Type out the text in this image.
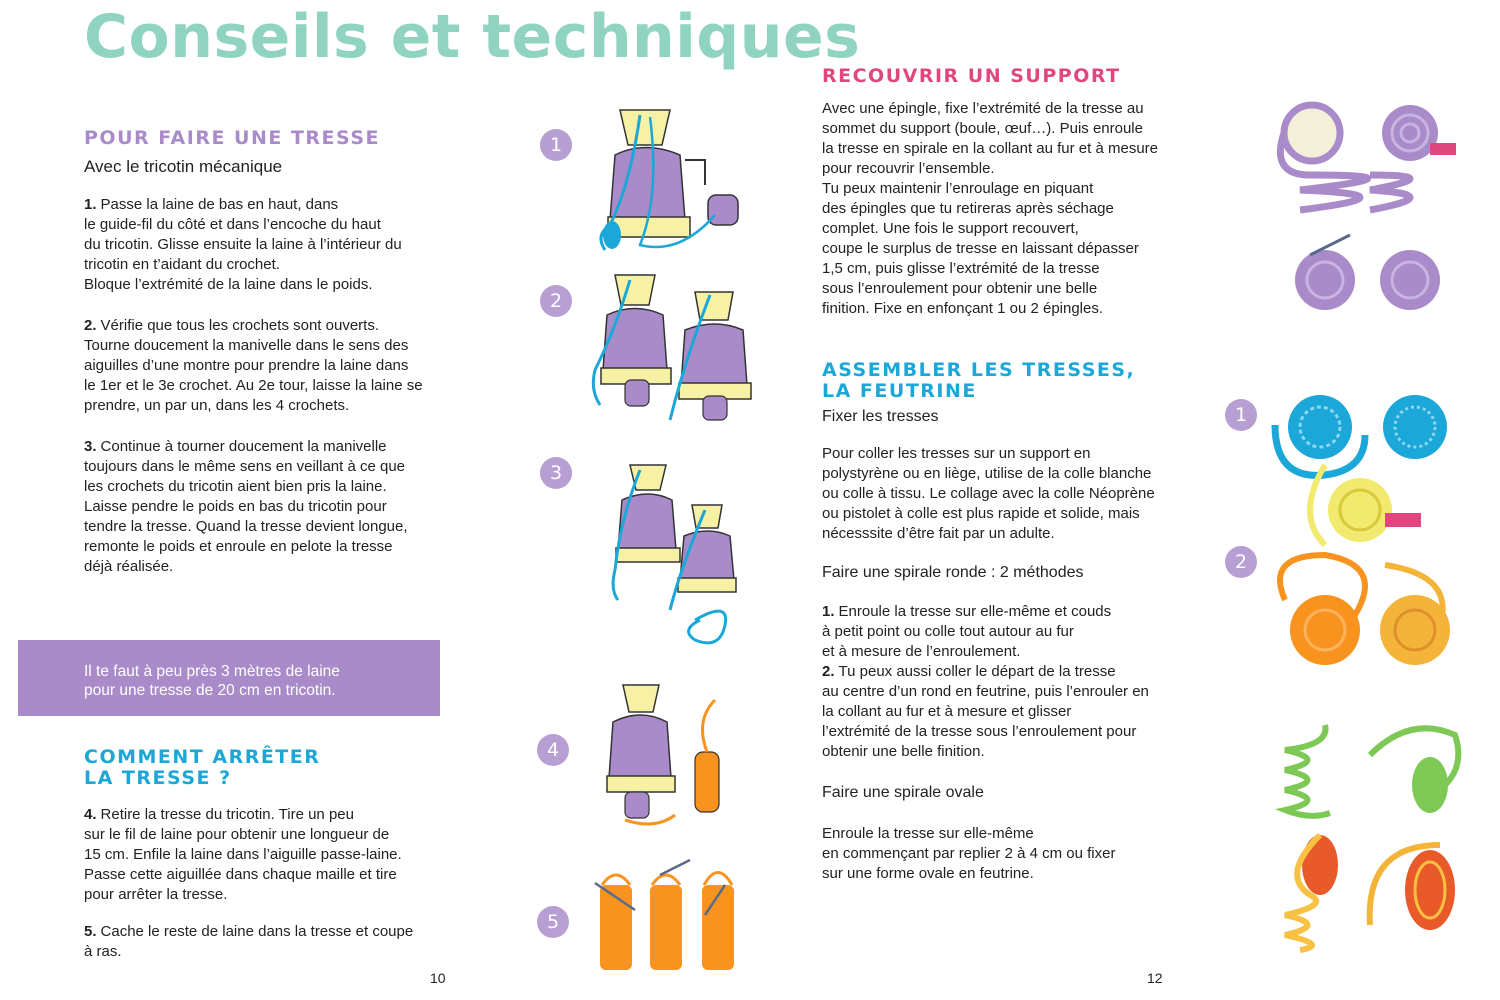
Conseils et techniques
POUR FAIRE UNE TRESSE

Avec le tricotin mécanique

1. Passe la laine de bas en haut, dans
le guide-fil du côté et dans l’encoche du haut
du tricotin. Glisse ensuite la laine à l’intérieur du
tricotin en t’aidant du crochet.
Bloque l’extrémité de la laine dans le poids.
2. Vérifie que tous les crochets sont ouverts.
Tourne doucement la manivelle dans le sens des
aiguilles d’une montre pour prendre la laine dans
le 1er et le 3e crochet. Au 2e tour, laisse la laine se
prendre, un par un, dans les 4 crochets.
3. Continue à tourner doucement la manivelle
toujours dans le même sens en veillant à ce que
les crochets du tricotin aient bien pris la laine.
Laisse pendre le poids en bas du tricotin pour
tendre la tresse. Quand la tresse devient longue,
remonte le poids et enroule en pelote la tresse
déjà réalisée.
Il te faut à peu près 3 mètres de laine
pour une tresse de 20 cm en tricotin.
COMMENT ARRÊTER
LA TRESSE ?
4. Retire la tresse du tricotin. Tire un peu
sur le fil de laine pour obtenir une longueur de
15 cm. Enfile la laine dans l’aiguille passe-laine.
Passe cette aiguillée dans chaque maille et tire
pour arrêter la tresse.
5. Cache le reste de laine dans la tresse et coupe
à ras.
10
1
2
3
4
5
RECOUVRIR UN SUPPORT
Avec une épingle, fixe l’extrémité de la tresse au
sommet du support (boule, œuf…). Puis enroule
la tresse en spirale en la collant au fur et à mesure
pour recouvrir l’ensemble.
Tu peux maintenir l’enroulage en piquant
des épingles que tu retireras après séchage
complet. Une fois le support recouvert,
coupe le surplus de tresse en laissant dépasser
1,5 cm, puis glisse l’extrémité de la tresse
sous l’enroulement pour obtenir une belle
finition. Fixe en enfonçant 1 ou 2 épingles.
ASSEMBLER LES TRESSES,
LA FEUTRINE

Fixer les tresses

Pour coller les tresses sur un support en
polystyrène ou en liège, utilise de la colle blanche
ou colle à tissu. Le collage avec la colle Néoprène
ou pistolet à colle est plus rapide et solide, mais
nécesssite d’être fait par un adulte.

Faire une spirale ronde : 2 méthodes

1. Enroule la tresse sur elle-même et couds
à petit point ou colle tout autour au fur
et à mesure de l’enroulement.
2. Tu peux aussi coller le départ de la tresse
au centre d’un rond en feutrine, puis l’enrouler en
la collant au fur et à mesure et glisser
l’extrémité de la tresse sous l’enroulement pour
obtenir une belle finition.

Faire une spirale ovale

Enroule la tresse sur elle-même
en commençant par replier 2 à 4 cm ou fixer
sur une forme ovale en feutrine.
12
1
2
